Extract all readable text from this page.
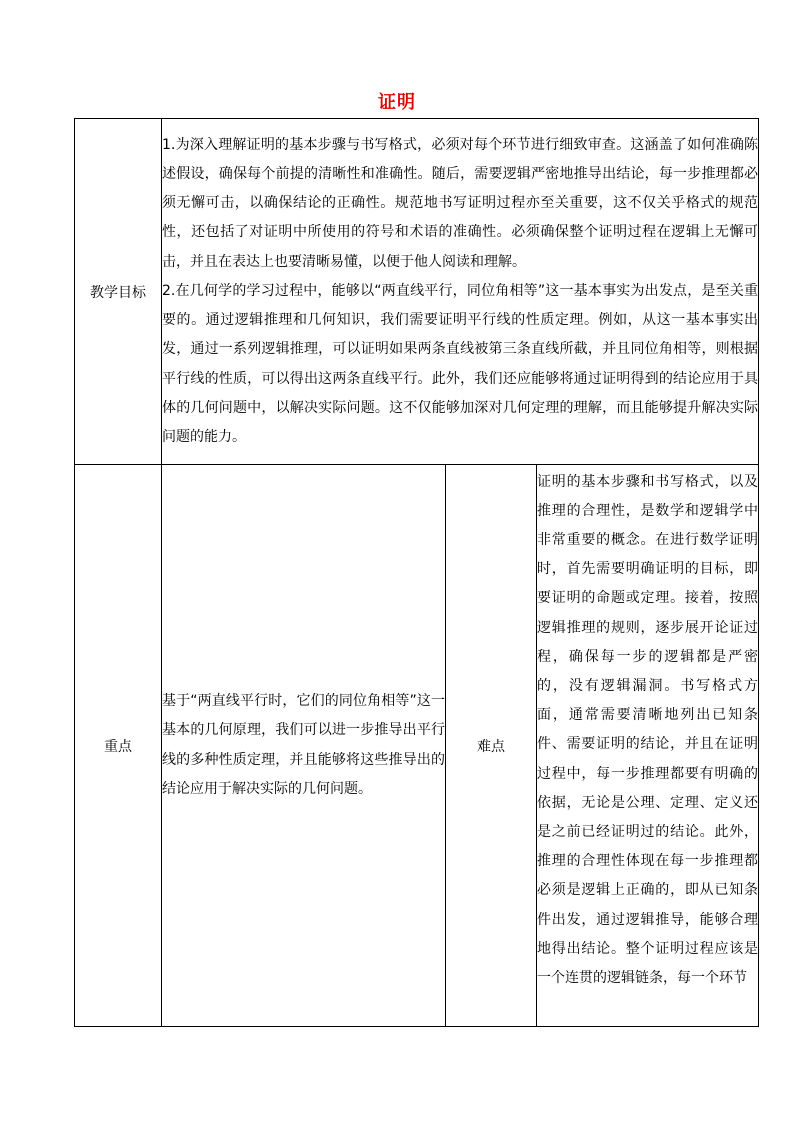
证明
教学目标	1.为深入理解证明的基本步骤与书写格式，必须对每个环节进行细致审查。这涵盖了如何准确陈述假设，确保每个前提的清晰性和准确性。随后，需要逻辑严密地推导出结论，每一步推理都必须无懈可击，以确保结论的正确性。规范地书写证明过程亦至关重要，这不仅关乎格式的规范性，还包括了对证明中所使用的符号和术语的准确性。必须确保整个证明过程在逻辑上无懈可击，并且在表达上也要清晰易懂，以便于他人阅读和理解。
2.在几何学的学习过程中，能够以“两直线平行，同位角相等”这一基本事实为出发点，是至关重要的。通过逻辑推理和几何知识，我们需要证明平行线的性质定理。例如，从这一基本事实出发，通过一系列逻辑推理，可以证明如果两条直线被第三条直线所截，并且同位角相等，则根据平行线的性质，可以得出这两条直线平行。此外，我们还应能够将通过证明得到的结论应用于具体的几何问题中，以解决实际问题。这不仅能够加深对几何定理的理解，而且能够提升解决实际问题的能力。		

重点	基于“两直线平行时，它们的同位角相等”这一基本的几何原理，我们可以进一步推导出平行线的多种性质定理，并且能够将这些推导出的结论应用于解决实际的几何问题。	难点	证明的基本步骤和书写格式，以及推理的合理性，是数学和逻辑学中非常重要的概念。在进行数学证明时，首先需要明确证明的目标，即要证明的命题或定理。接着，按照逻辑推理的规则，逐步展开论证过程，确保每一步的逻辑都是严密的，没有逻辑漏洞。书写格式方面，通常需要清晰地列出已知条件、需要证明的结论，并且在证明过程中，每一步推理都要有明确的依据，无论是公理、定理、定义还是之前已经证明过的结论。此外，推理的合理性体现在每一步推理都必须是逻辑上正确的，即从已知条件出发，通过逻辑推导，能够合理地得出结论。整个证明过程应该是一个连贯的逻辑链条，每一个环节
